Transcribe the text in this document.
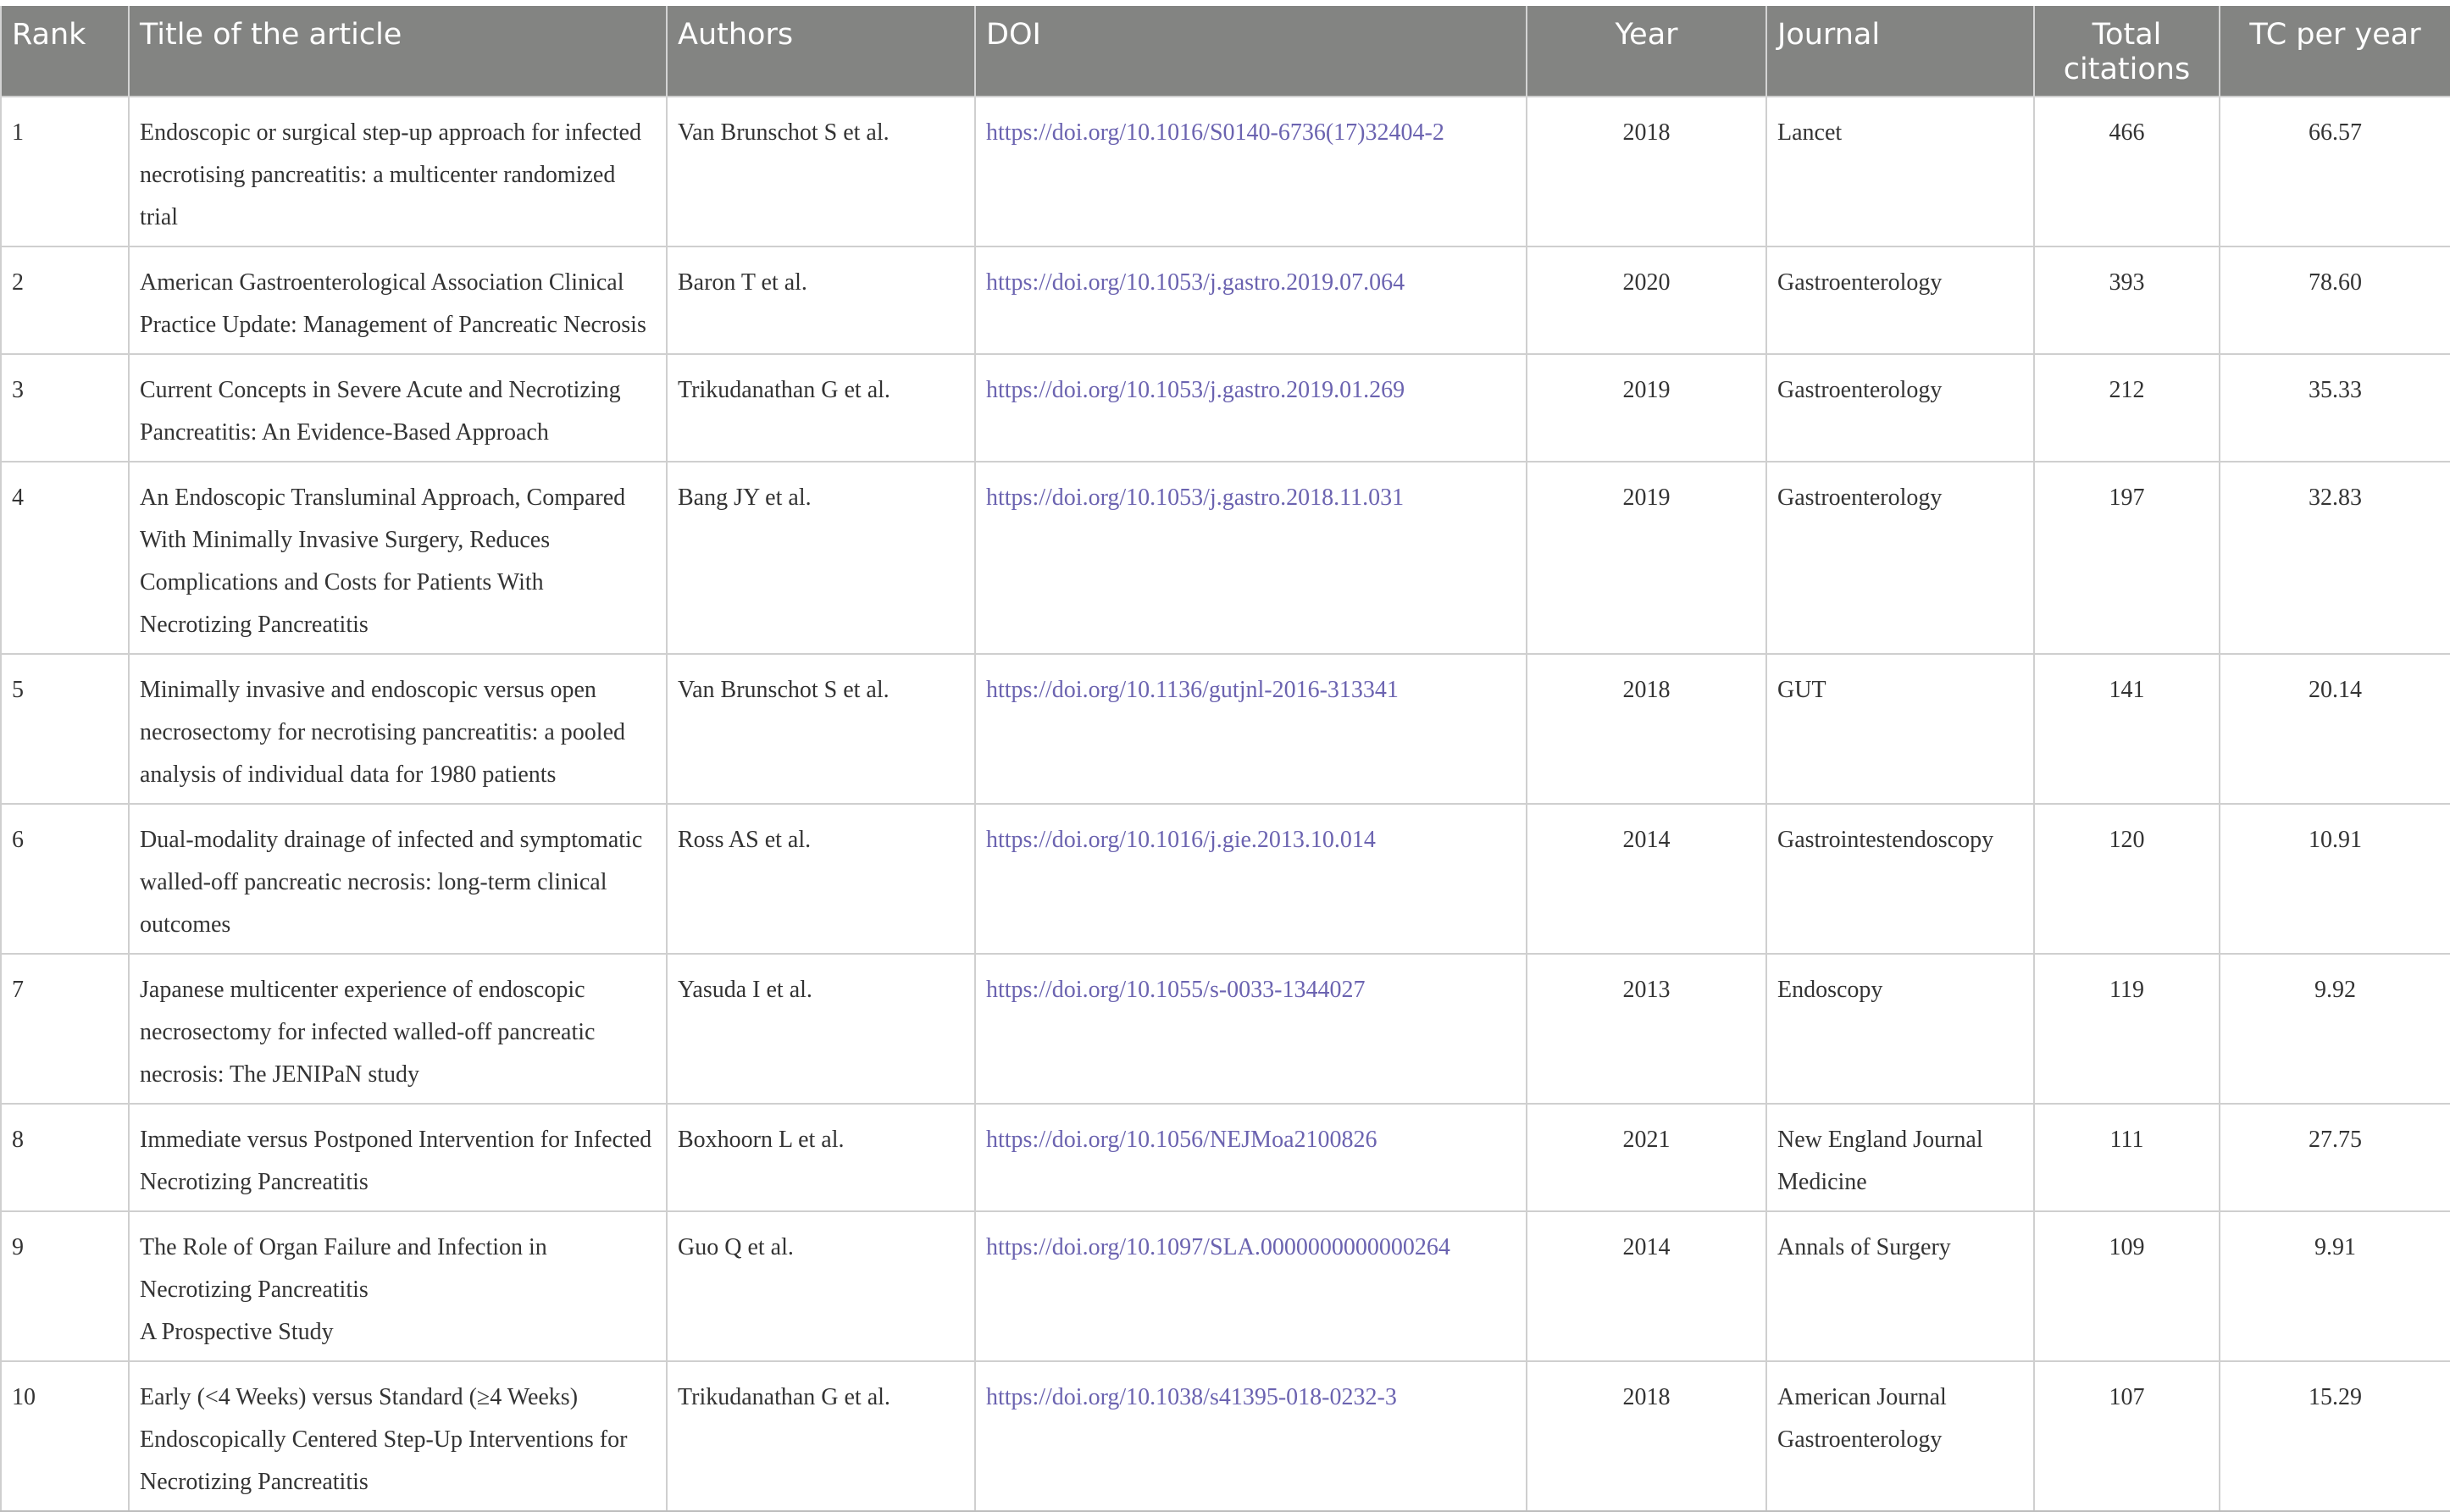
Rank	Title of the article	Authors	DOI	Year	Journal	Total citations	TC per year
1	Endoscopic or surgical step-up approach for infected necrotising pancreatitis: a multicenter randomized trial	Van Brunschot S et al.	https://doi.org/10.1016/S0140-6736(17)32404-2	2018	Lancet	466	66.57
2	American Gastroenterological Association Clinical Practice Update: Management of Pancreatic Necrosis	Baron T et al.	https://doi.org/10.1053/j.gastro.2019.07.064	2020	Gastroenterology	393	78.60
3	Current Concepts in Severe Acute and Necrotizing Pancreatitis: An Evidence-Based Approach	Trikudanathan G et al.	https://doi.org/10.1053/j.gastro.2019.01.269	2019	Gastroenterology	212	35.33
4	An Endoscopic Transluminal Approach, Compared With Minimally Invasive Surgery, Reduces Complications and Costs for Patients With Necrotizing Pancreatitis	Bang JY et al.	https://doi.org/10.1053/j.gastro.2018.11.031	2019	Gastroenterology	197	32.83
5	Minimally invasive and endoscopic versus open necrosectomy for necrotising pancreatitis: a pooled analysis of individual data for 1980 patients	Van Brunschot S et al.	https://doi.org/10.1136/gutjnl-2016-313341	2018	GUT	141	20.14
6	Dual-modality drainage of infected and symptomatic walled-off pancreatic necrosis: long-term clinical outcomes	Ross AS et al.	https://doi.org/10.1016/j.gie.2013.10.014	2014	Gastrointestendoscopy	120	10.91
7	Japanese multicenter experience of endoscopic necrosectomy for infected walled-off pancreatic necrosis: The JENIPaN study	Yasuda I et al.	https://doi.org/10.1055/s-0033-1344027	2013	Endoscopy	119	9.92
8	Immediate versus Postponed Intervention for Infected Necrotizing Pancreatitis	Boxhoorn L et al.	https://doi.org/10.1056/NEJMoa2100826	2021	New England Journal Medicine	111	27.75
9	The Role of Organ Failure and Infection in Necrotizing Pancreatitis
A Prospective Study	Guo Q et al.	https://doi.org/10.1097/SLA.0000000000000264	2014	Annals of Surgery	109	9.91
10	Early (<4 Weeks) versus Standard (≥4 Weeks) Endoscopically Centered Step-Up Interventions for Necrotizing Pancreatitis	Trikudanathan G et al.	https://doi.org/10.1038/s41395-018-0232-3	2018	American Journal Gastroenterology	107	15.29
